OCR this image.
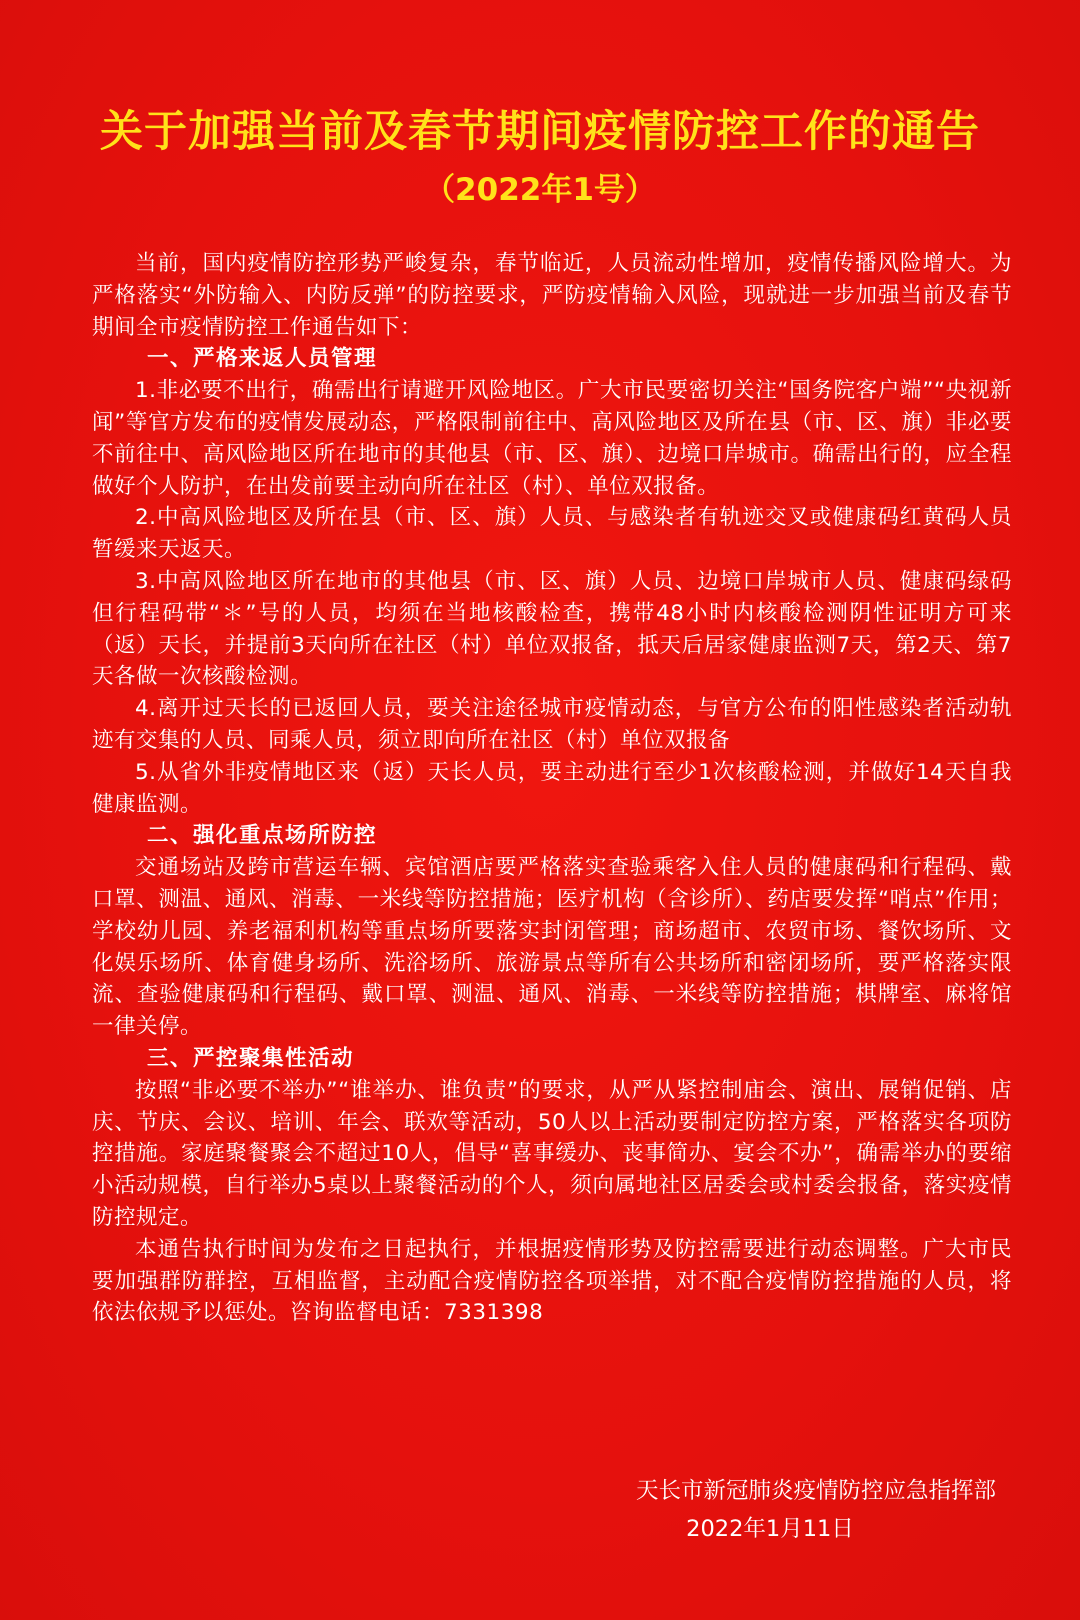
关于加强当前及春节期间疫情防控工作的通告
（2022年1号）

当前，国内疫情防控形势严峻复杂，春节临近，人员流动性增加，疫情传播风险增大。为严格落实“外防输入、内防反弹”的防控要求，严防疫情输入风险，现就进一步加强当前及春节期间全市疫情防控工作通告如下：

一、严格来返人员管理

1.非必要不出行，确需出行请避开风险地区。广大市民要密切关注“国务院客户端”“央视新闻”等官方发布的疫情发展动态，严格限制前往中、高风险地区及所在县（市、区、旗）非必要不前往中、高风险地区所在地市的其他县（市、区、旗）、边境口岸城市。确需出行的，应全程做好个人防护，在出发前要主动向所在社区（村）、单位双报备。

2.中高风险地区及所在县（市、区、旗）人员、与感染者有轨迹交叉或健康码红黄码人员暂缓来天返天。

3.中高风险地区所在地市的其他县（市、区、旗）人员、边境口岸城市人员、健康码绿码但行程码带“＊”号的人员，均须在当地核酸检查，携带48小时内核酸检测阴性证明方可来（返）天长，并提前3天向所在社区（村）单位双报备，抵天后居家健康监测7天，第2天、第7天各做一次核酸检测。

4.离开过天长的已返回人员，要关注途径城市疫情动态，与官方公布的阳性感染者活动轨迹有交集的人员、同乘人员，须立即向所在社区（村）单位双报备

5.从省外非疫情地区来（返）天长人员，要主动进行至少1次核酸检测，并做好14天自我健康监测。

二、强化重点场所防控

交通场站及跨市营运车辆、宾馆酒店要严格落实查验乘客入住人员的健康码和行程码、戴口罩、测温、通风、消毒、一米线等防控措施；医疗机构（含诊所）、药店要发挥“哨点”作用；学校幼儿园、养老福利机构等重点场所要落实封闭管理；商场超市、农贸市场、餐饮场所、文化娱乐场所、体育健身场所、洗浴场所、旅游景点等所有公共场所和密闭场所，要严格落实限流、查验健康码和行程码、戴口罩、测温、通风、消毒、一米线等防控措施；棋牌室、麻将馆一律关停。

三、严控聚集性活动

按照“非必要不举办”“谁举办、谁负责”的要求，从严从紧控制庙会、演出、展销促销、店庆、节庆、会议、培训、年会、联欢等活动，50人以上活动要制定防控方案，严格落实各项防控措施。家庭聚餐聚会不超过10人，倡导“喜事缓办、丧事简办、宴会不办”，确需举办的要缩小活动规模，自行举办5桌以上聚餐活动的个人，须向属地社区居委会或村委会报备，落实疫情防控规定。

本通告执行时间为发布之日起执行，并根据疫情形势及防控需要进行动态调整。广大市民要加强群防群控，互相监督，主动配合疫情防控各项举措，对不配合疫情防控措施的人员，将依法依规予以惩处。咨询监督电话：7331398

天长市新冠肺炎疫情防控应急指挥部
2022年1月11日
